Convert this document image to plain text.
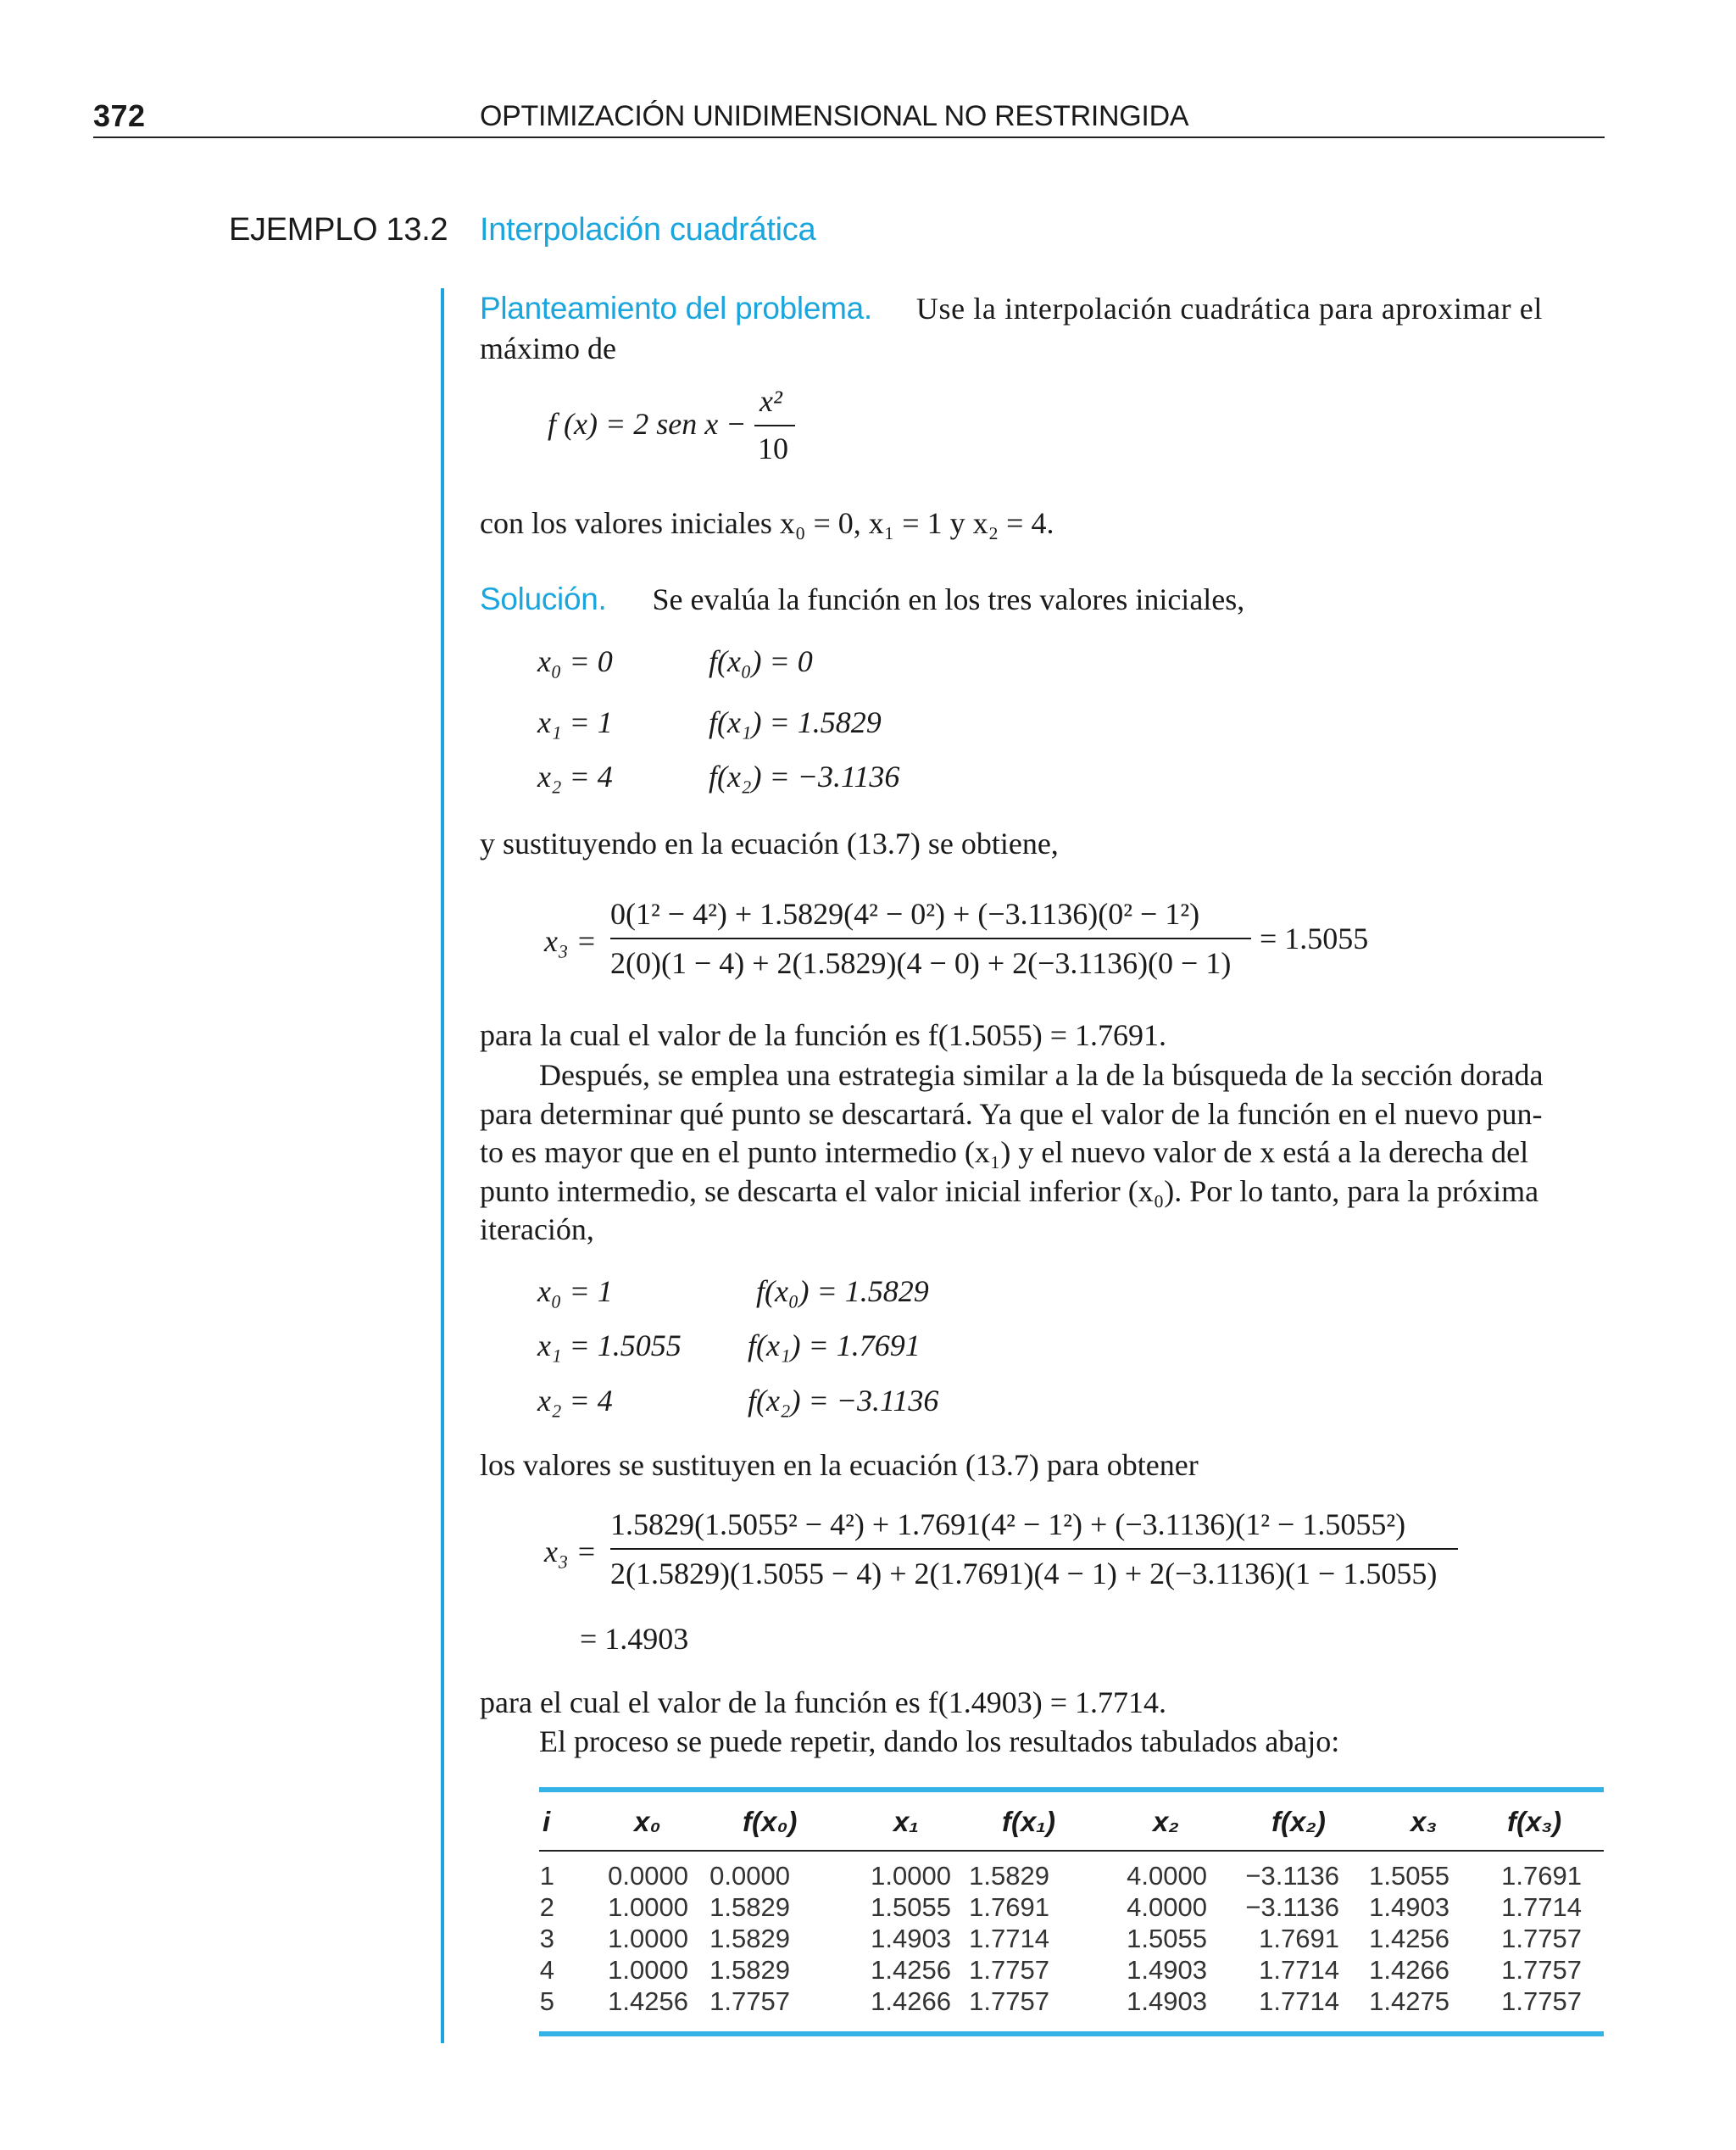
372	OPTIMIZACIÓN UNIDIMENSIONAL NO RESTRINGIDA
EJEMPLO 13.2 Interpolación cuadrática
Planteamiento del problema. Use la interpolación cuadrática para aproximar el
máximo de
f (x) = 2 sen x −
x²
10
con los valores iniciales x₀ = 0, x₁ = 1 y x₂ = 4.
Solución. Se evalúa la función en los tres valores iniciales,
x₀ = 0	f(x₀) = 0
x₁ = 1	f(x₁) = 1.5829
x₂ = 4	f(x₂) = −3.1136
y sustituyendo en la ecuación (13.7) se obtiene,
x₃ =
0(1² − 4²) + 1.5829(4² − 0²) + (−3.1136)(0² − 1²)
2(0)(1 − 4) + 2(1.5829)(4 − 0) + 2(−3.1136)(0 − 1)
= 1.5055
para la cual el valor de la función es f(1.5055) = 1.7691.
Después, se emplea una estrategia similar a la de la búsqueda de la sección dorada
para determinar qué punto se descartará. Ya que el valor de la función en el nuevo pun-
to es mayor que en el punto intermedio (x₁) y el nuevo valor de x está a la derecha del
punto intermedio, se descarta el valor inicial inferior (x₀). Por lo tanto, para la próxima
iteración,
x₀ = 1	f(x₀) = 1.5829
x₁ = 1.5055 f(x₁) = 1.7691
x₂ = 4	f(x₂) = −3.1136
los valores se sustituyen en la ecuación (13.7) para obtener
x₃ =
1.5829(1.5055² − 4²) + 1.7691(4² − 1²) + (−3.1136)(1² − 1.5055²)
2(1.5829)(1.5055 − 4) + 2(1.7691)(4 − 1) + 2(−3.1136)(1 − 1.5055)
= 1.4903
para el cual el valor de la función es f(1.4903) = 1.7714.
El proceso se puede repetir, dando los resultados tabulados abajo:
i	x₀	f(x₀)	x₁	f(x₁)	x₂	f(x₂)	x₃	f(x₃)
1 0.0000 0.0000	1.0000 1.5829	4.0000 −3.1136 1.5055 1.7691
2 1.0000 1.5829	1.5055 1.7691	4.0000 −3.1136 1.4903 1.7714
3 1.0000 1.5829	1.4903 1.7714	1.5055 1.7691 1.4256 1.7757
4 1.0000 1.5829	1.4256 1.7757	1.4903 1.7714 1.4266 1.7757
5 1.4256 1.7757	1.4266 1.7757	1.4903 1.7714 1.4275 1.7757
